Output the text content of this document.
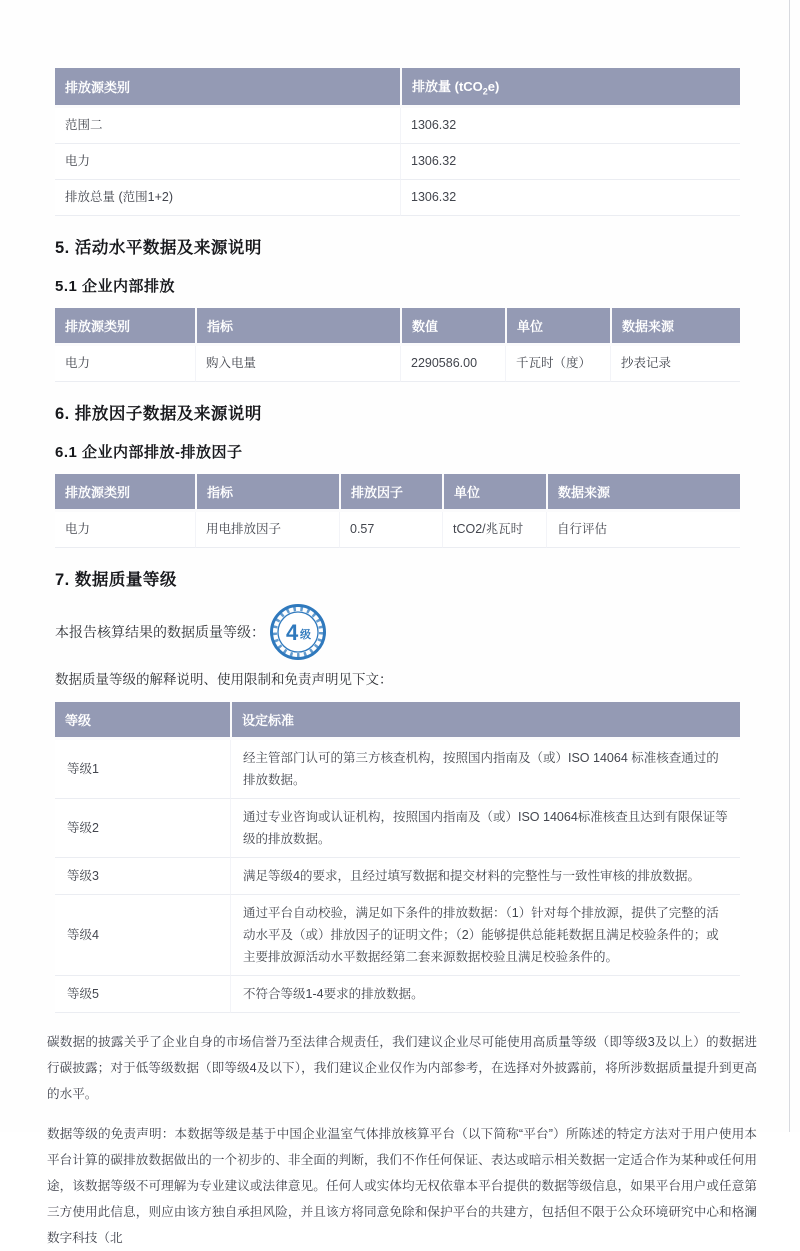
排放源类别	排放量 (tCO$_2$e)
范围二	1306.32
电力	1306.32
排放总量 (范围1+2)	1306.32
5. 活动水平数据及来源说明
5.1 企业内部排放
排放源类别	指标	数值	单位	数据来源
电力	购入电量	2290586.00	千瓦时（度）	抄表记录
6. 排放因子数据及来源说明
6.1 企业内部排放-排放因子
排放源类别	指标	排放因子	单位	数据来源
电力	用电排放因子	0.57	tCO2/兆瓦时	自行评估
7. 数据质量等级
本报告核算结果的数据质量等级： 4 级

数据质量等级的解释说明、使用限制和免责声明见下文：

等级	设定标准
等级1	经主管部门认可的第三方核查机构，按照国内指南及（或）ISO 14064 标准核查通过的排放数据。
等级2	通过专业咨询或认证机构，按照国内指南及（或）ISO 14064标准核查且达到有限保证等级的排放数据。
等级3	满足等级4的要求，且经过填写数据和提交材料的完整性与一致性审核的排放数据。
等级4	通过平台自动校验，满足如下条件的排放数据：（1）针对每个排放源，提供了完整的活动水平及（或）排放因子的证明文件；（2）能够提供总能耗数据且满足校验条件的；或主要排放源活动水平数据经第二套来源数据校验且满足校验条件的。
等级5	不符合等级1-4要求的排放数据。

碳数据的披露关乎了企业自身的市场信誉乃至法律合规责任，我们建议企业尽可能使用高质量等级（即等级3及以上）的数据进行碳披露；对于低等级数据（即等级4及以下），我们建议企业仅作为内部参考，在选择对外披露前，将所涉数据质量提升到更高的水平。

数据等级的免责声明：本数据等级是基于中国企业温室气体排放核算平台（以下简称“平台”）所陈述的特定方法对于用户使用本平台计算的碳排放数据做出的一个初步的、非全面的判断，我们不作任何保证、表达或暗示相关数据一定适合作为某种或任何用途，该数据等级不可理解为专业建议或法律意见。任何人或实体均无权依靠本平台提供的数据等级信息，如果平台用户或任意第三方使用此信息，则应由该方独自承担风险，并且该方将同意免除和保护平台的共建方，包括但不限于公众环境研究中心和格澜数字科技（北
